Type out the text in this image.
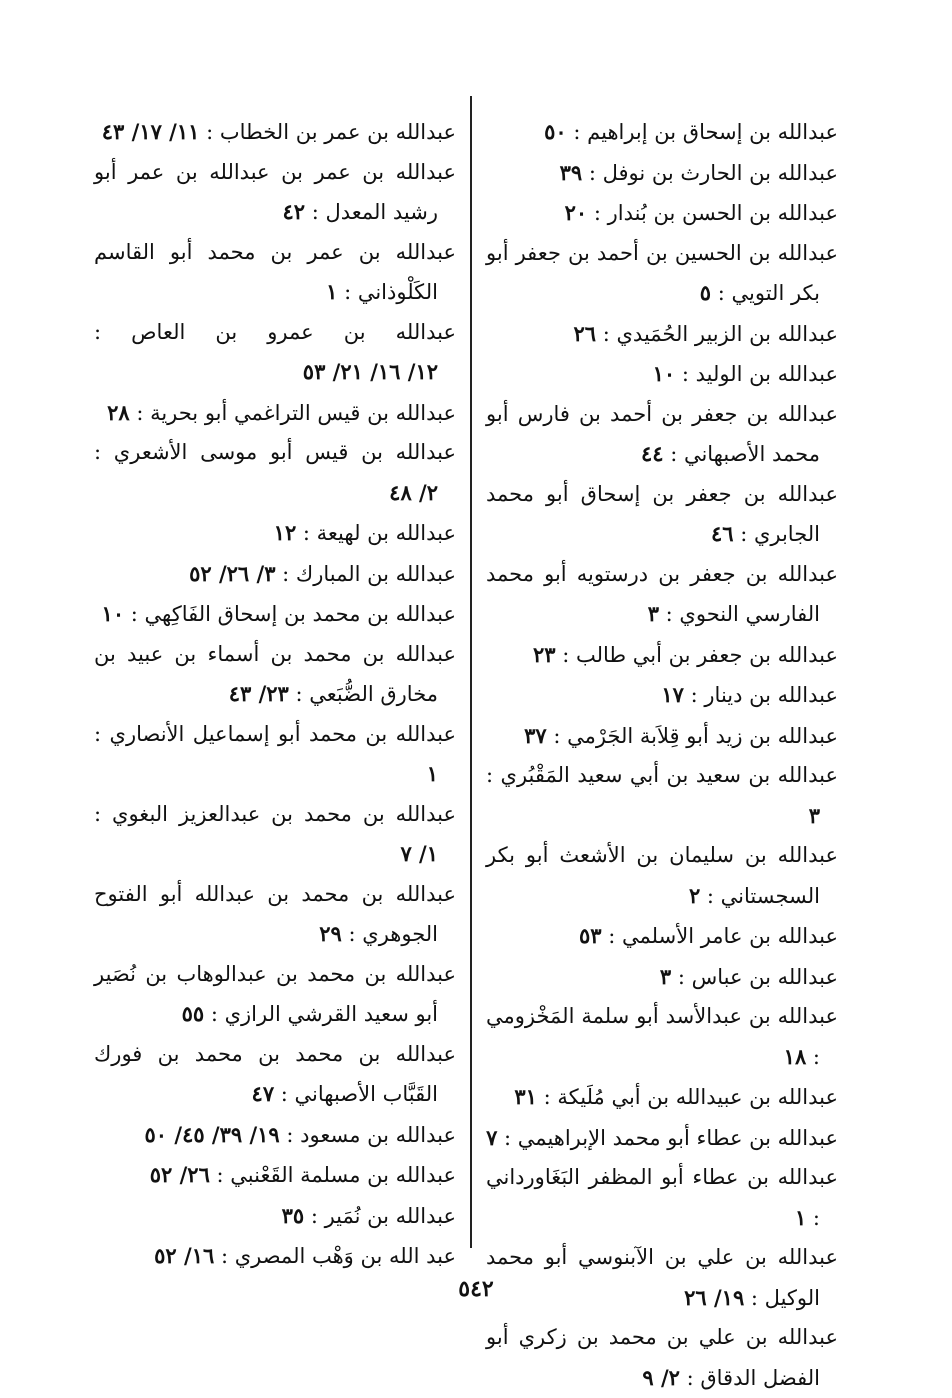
عبدالله بن إسحاق بن إبراهيم : ٥٠
عبدالله بن الحارث بن نوفل : ٣٩
عبدالله بن الحسن بن بُندار : ٢٠
عبدالله بن الحسين بن أحمد بن جعفر أبو بكر التويي : ٥
عبدالله بن الزبير الحُمَيدي : ٢٦
عبدالله بن الوليد : ١٠
عبدالله بن جعفر بن أحمد بن فارس أبو محمد الأصبهاني : ٤٤
عبدالله بن جعفر بن إسحاق أبو محمد الجابري : ٤٦
عبدالله بن جعفر بن درستويه أبو محمد الفارسي النحوي : ٣
عبدالله بن جعفر بن أبي طالب : ٢٣
عبدالله بن دينار : ١٧
عبدالله بن زيد أبو قِلاَبة الجَرْمي : ٣٧
عبدالله بن سعيد بن أبي سعيد المَقْبُري : ٣
عبدالله بن سليمان بن الأشعث أبو بكر السجستاني : ٢
عبدالله بن عامر الأسلمي : ٥٣
عبدالله بن عباس : ٣
عبدالله بن عبدالأسد أبو سلمة المَخْزومي : ١٨
عبدالله بن عبيدالله بن أبي مُلَيكة : ٣١
عبدالله بن عطاء أبو محمد الإبراهيمي : ٧
عبدالله بن عطاء أبو المظفر البَغَاورداني : ١
عبدالله بن علي بن الآبنوسي أبو محمد الوكيل : ١٩/ ٢٦
عبدالله بن علي بن محمد بن زكري أبو الفضل الدقاق : ٢/ ٩
عبدالله بن عمر بن الخطاب : ١١/ ١٧/ ٤٣
عبدالله بن عمر بن عبدالله بن عمر أبو رشيد المعدل : ٤٢
عبدالله بن عمر بن محمد أبو القاسم الكَلْوذاني : ١
عبدالله بن عمرو بن العاص : ١٢/ ١٦/ ٢١/ ٥٣
عبدالله بن قيس التراغمي أبو بحرية : ٢٨
عبدالله بن قيس أبو موسى الأشعري : ٢/ ٤٨
عبدالله بن لهيعة : ١٢
عبدالله بن المبارك : ٣/ ٢٦/ ٥٢
عبدالله بن محمد بن إسحاق الفَاكِهي : ١٠
عبدالله بن محمد بن أسماء بن عبيد بن مخارق الضُّبَعي : ٢٣/ ٤٣
عبدالله بن محمد أبو إسماعيل الأنصاري : ١
عبدالله بن محمد بن عبدالعزيز البغوي : ١/ ٧
عبدالله بن محمد بن عبدالله أبو الفتوح الجوهري : ٢٩
عبدالله بن محمد بن عبدالوهاب بن نُصَير أبو سعيد القرشي الرازي : ٥٥
عبدالله بن محمد بن محمد بن فورك القَبَّاب الأصبهاني : ٤٧
عبدالله بن مسعود : ١٩/ ٣٩/ ٤٥/ ٥٠
عبدالله بن مسلمة القَعْنبي : ٢٦/ ٥٢
عبدالله بن نُمَير : ٣٥
عبد الله بن وَهْب المصري : ١٦/ ٥٢
٥٤٢
